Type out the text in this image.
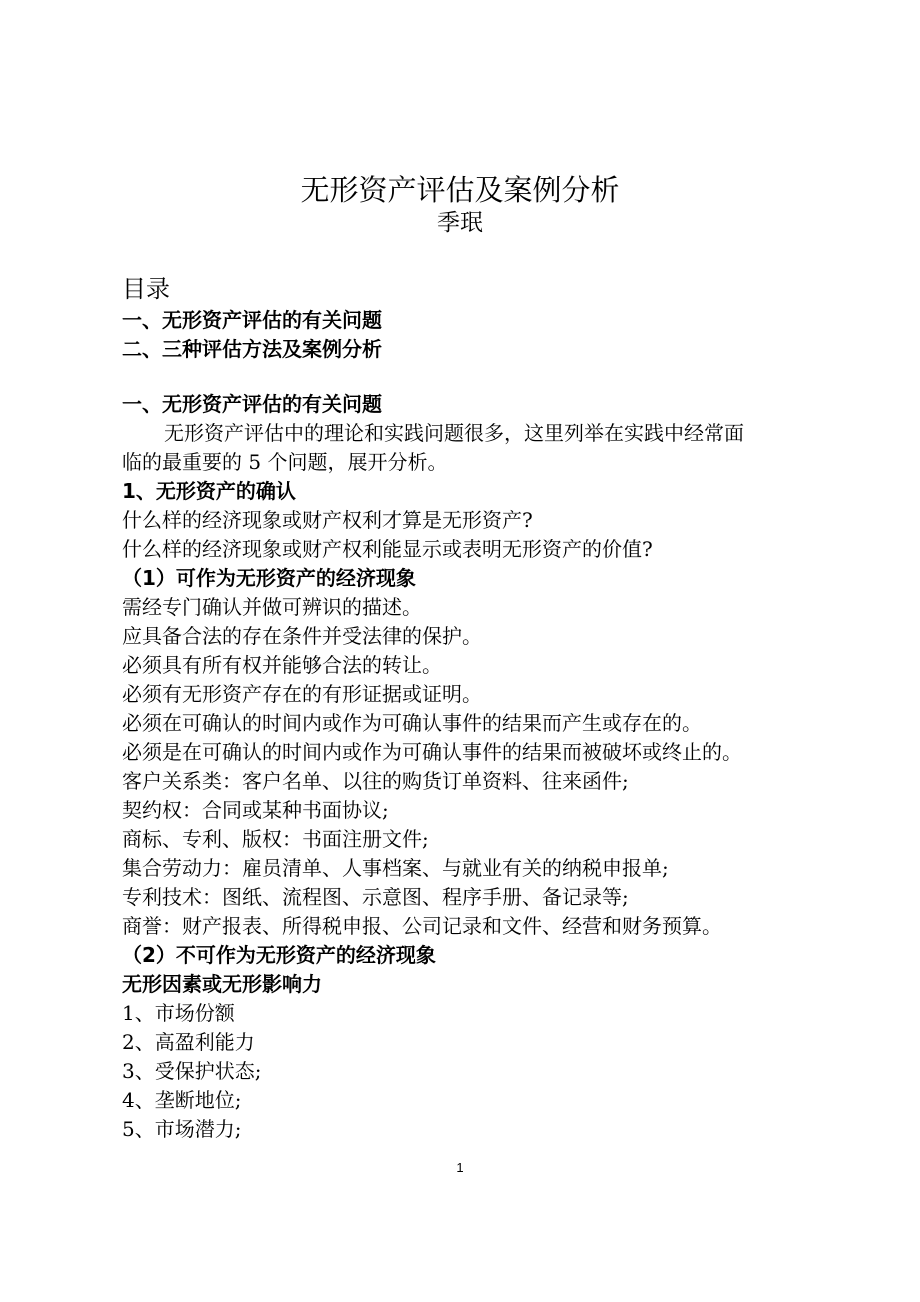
无形资产评估及案例分析
季珉
目录
一、无形资产评估的有关问题
二、三种评估方法及案例分析
一、无形资产评估的有关问题
无形资产评估中的理论和实践问题很多，这里列举在实践中经常面
临的最重要的 5 个问题，展开分析。
1、无形资产的确认
什么样的经济现象或财产权利才算是无形资产?
什么样的经济现象或财产权利能显示或表明无形资产的价值?
（1）可作为无形资产的经济现象
需经专门确认并做可辨识的描述。
应具备合法的存在条件并受法律的保护。
必须具有所有权并能够合法的转让。
必须有无形资产存在的有形证据或证明。
必须在可确认的时间内或作为可确认事件的结果而产生或存在的。
必须是在可确认的时间内或作为可确认事件的结果而被破坏或终止的。
客户关系类：客户名单、以往的购货订单资料、往来函件;
契约权：合同或某种书面协议;
商标、专利、版权：书面注册文件;
集合劳动力：雇员清单、人事档案、与就业有关的纳税申报单;
专利技术：图纸、流程图、示意图、程序手册、备记录等;
商誉：财产报表、所得税申报、公司记录和文件、经营和财务预算。
（2）不可作为无形资产的经济现象
无形因素或无形影响力
1、市场份额
2、高盈利能力
3、受保护状态;
4、垄断地位;
5、市场潜力;
1
